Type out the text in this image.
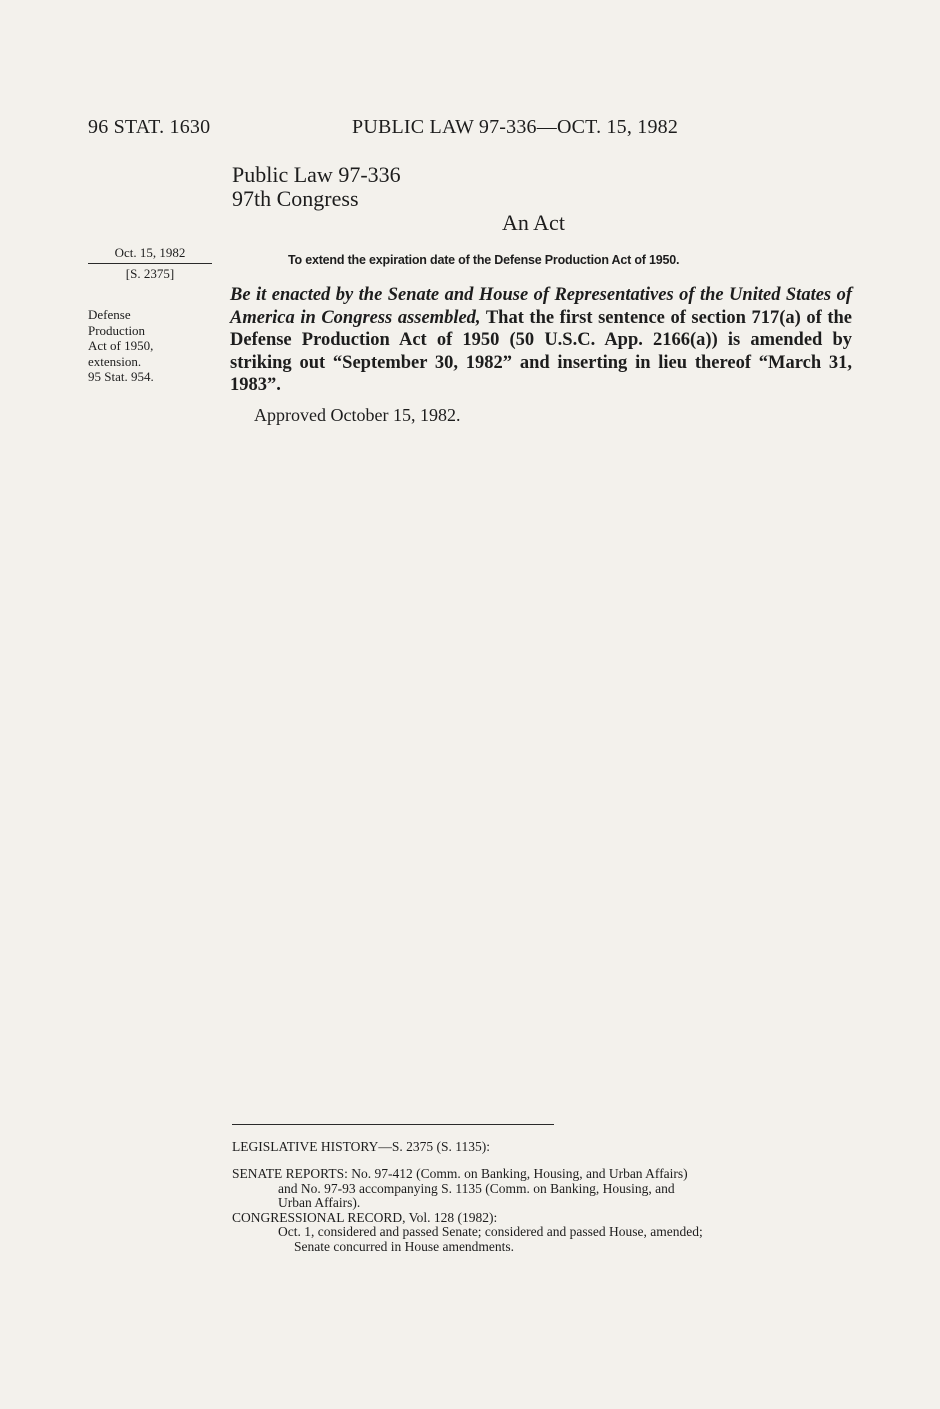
96 STAT. 1630	PUBLIC LAW 97-336—OCT. 15, 1982
Public Law 97-336
97th Congress
An Act
Oct. 15, 1982
[S. 2375]
To extend the expiration date of the Defense Production Act of 1950.
Defense
Production
Act of 1950,
extension.
95 Stat. 954.
Be it enacted by the Senate and House of Representatives of the United States of America in Congress assembled, That the first sentence of section 717(a) of the Defense Production Act of 1950 (50 U.S.C. App. 2166(a)) is amended by striking out “September 30, 1982” and inserting in lieu thereof “March 31, 1983”.
Approved October 15, 1982.
LEGISLATIVE HISTORY—S. 2375 (S. 1135):

SENATE REPORTS: No. 97-412 (Comm. on Banking, Housing, and Urban Affairs)

and No. 97-93 accompanying S. 1135 (Comm. on Banking, Housing, and

Urban Affairs).

CONGRESSIONAL RECORD, Vol. 128 (1982):

Oct. 1, considered and passed Senate; considered and passed House, amended;

Senate concurred in House amendments.
